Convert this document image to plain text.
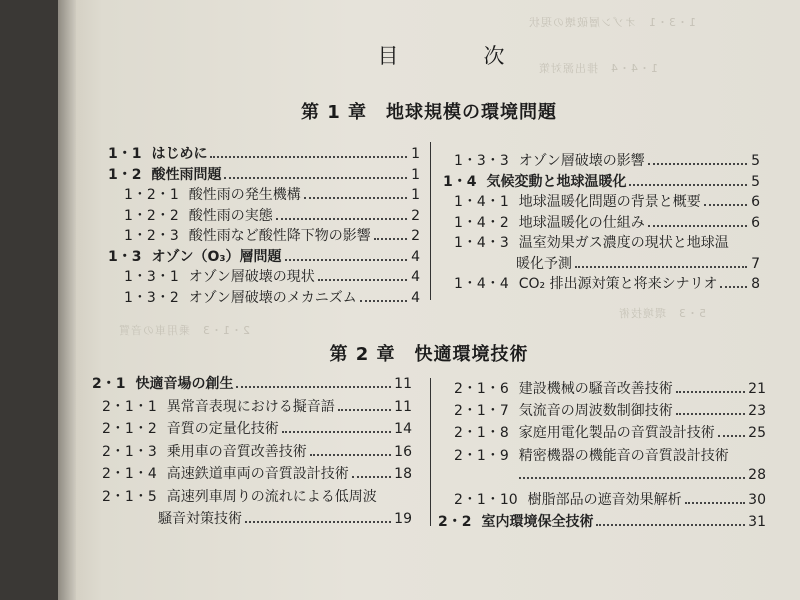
1・3・1　オゾン層破壊の現状
1・4・4　排出源対策
5・3　環境技術
2・1・3　乗用車の音質
目　次
第 1 章　地球規模の環境問題
第 2 章　快適環境技術
1・1 はじめに	1
1・2 酸性雨問題	1
1・2・1 酸性雨の発生機構	1
1・2・2 酸性雨の実態	2
1・2・3 酸性雨など酸性降下物の影響	2
1・3 オゾン（O₃）層問題	4
1・3・1 オゾン層破壊の現状	4
1・3・2 オゾン層破壊のメカニズム	4
1・3・3 オゾン層破壊の影響	5
1・4 気候変動と地球温暖化	5
1・4・1 地球温暖化問題の背景と概要	6
1・4・2 地球温暖化の仕組み	6
1・4・3 温室効果ガス濃度の現状と地球温
暖化予測	7
1・4・4 CO₂ 排出源対策と将来シナリオ 8
2・1 快適音場の創生	11
2・1・1 異常音表現における擬音語	11
2・1・2 音質の定量化技術	14
2・1・3 乗用車の音質改善技術	16
2・1・4 高速鉄道車両の音質設計技術	18
2・1・5 高速列車周りの流れによる低周波
騒音対策技術	19
2・1・6 建設機械の騒音改善技術	21
2・1・7 気流音の周波数制御技術	23
2・1・8 家庭用電化製品の音質設計技術 25
2・1・9 精密機器の機能音の音質設計技術
28
2・1・10 樹脂部品の遮音効果解析	30
2・2 室内環境保全技術	31
